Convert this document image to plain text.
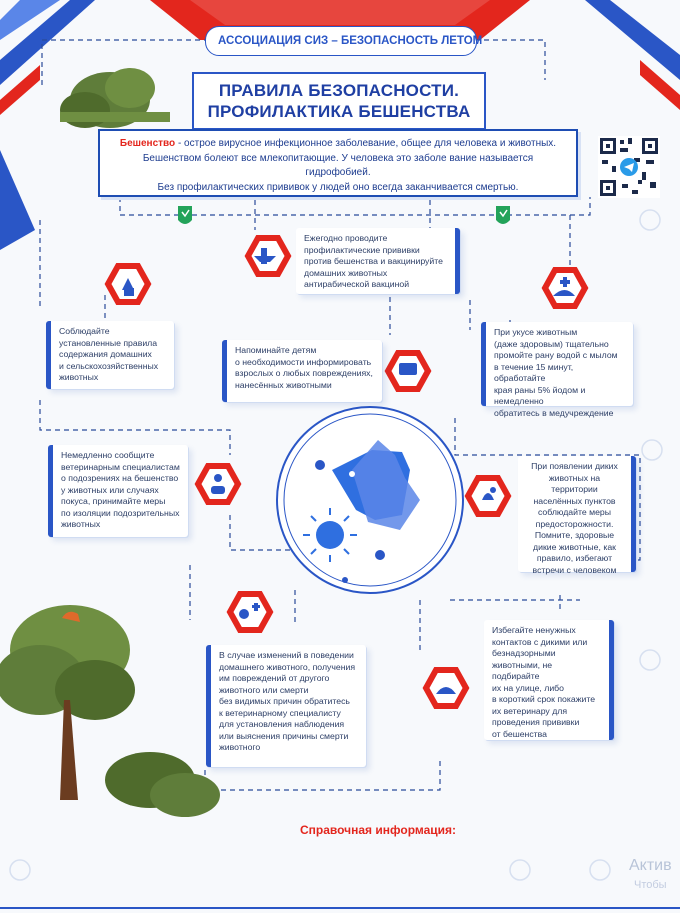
АССОЦИАЦИЯ СИЗ – БЕЗОПАСНОСТЬ ЛЕТОМ
ПРАВИЛА БЕЗОПАСНОСТИ.
ПРОФИЛАКТИКА БЕШЕНСТВА
Бешенство - острое вирусное инфекционное заболевание, общее для человека и животных.
Бешенством болеют все млекопитающие. У человека это заболе вание называется гидрофобией.
Без профилактических прививок у людей оно всегда заканчивается смертью.
Ежегодно проводите
профилактические прививки
против бешенства и вакцинируйте
домашних животных
антирабической вакциной
Соблюдайте
установленные правила
содержания домашних
и сельскохозяйственных
животных
Напоминайте детям
о необходимости информировать
взрослых о любых повреждениях,
нанесённых животными
При укусе животным
(даже здоровым) тщательно
промойте рану водой с мылом
в течение 15 минут, обработайте
края раны 5% йодом и немедленно
обратитесь в медучреждение
Немедленно сообщите
ветеринарным специалистам
о подозрениях на бешенство
у животных или случаях
покуса, принимайте меры
по изоляции подозрительных
животных
При появлении диких
животных на территории
населённых пунктов
соблюдайте меры
предосторожности.
Помните, здоровые
дикие животные, как
правило, избегают
встречи с человеком
В случае изменений в поведении
домашнего животного, получения
им повреждений от другого
животного или смерти
без видимых причин обратитесь
к ветеринарному специалисту
для установления наблюдения
или выяснения причины смерти
животного
Избегайте ненужных
контактов с дикими или
безнадзорными
животными, не подбирайте
их на улице, либо
в короткий срок покажите
их ветеринару для
проведения прививки
от бешенства
Справочная информация:
Актив
Чтобы
